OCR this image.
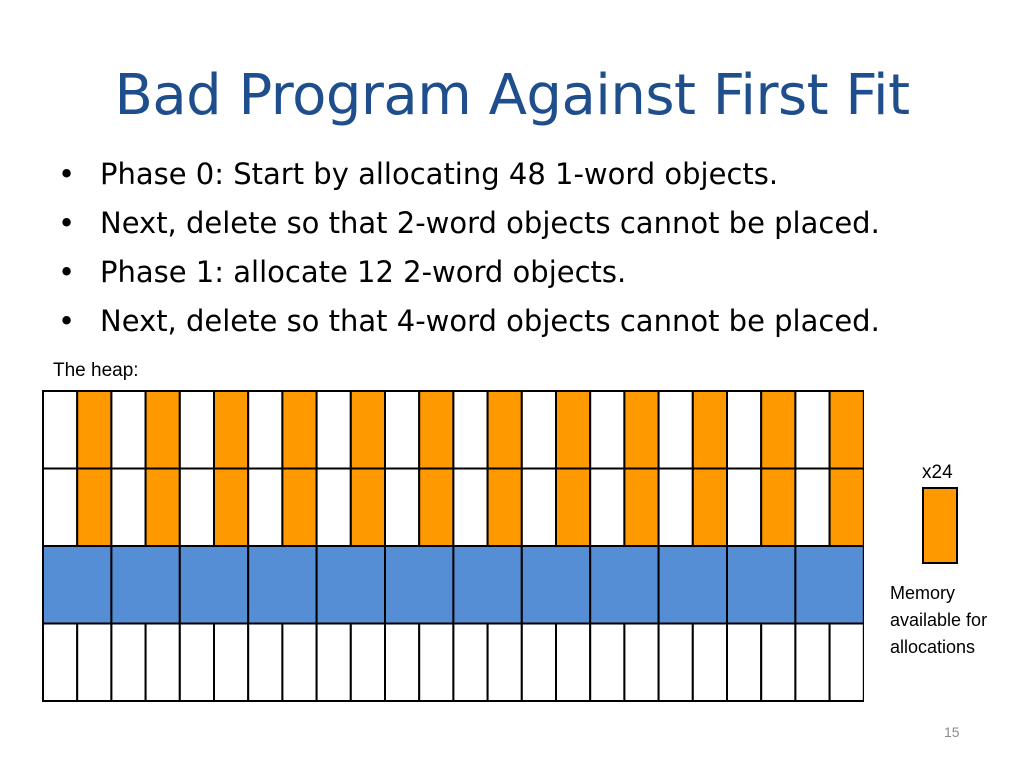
Bad Program Against First Fit
• Phase 0: Start by allocating 48 1-word objects.
• Next, delete so that 2-word objects cannot be placed.
• Phase 1: allocate 12 2-word objects.
• Next, delete so that 4-word objects cannot be placed.
The heap:
x24
Memory
available for
allocations
15
